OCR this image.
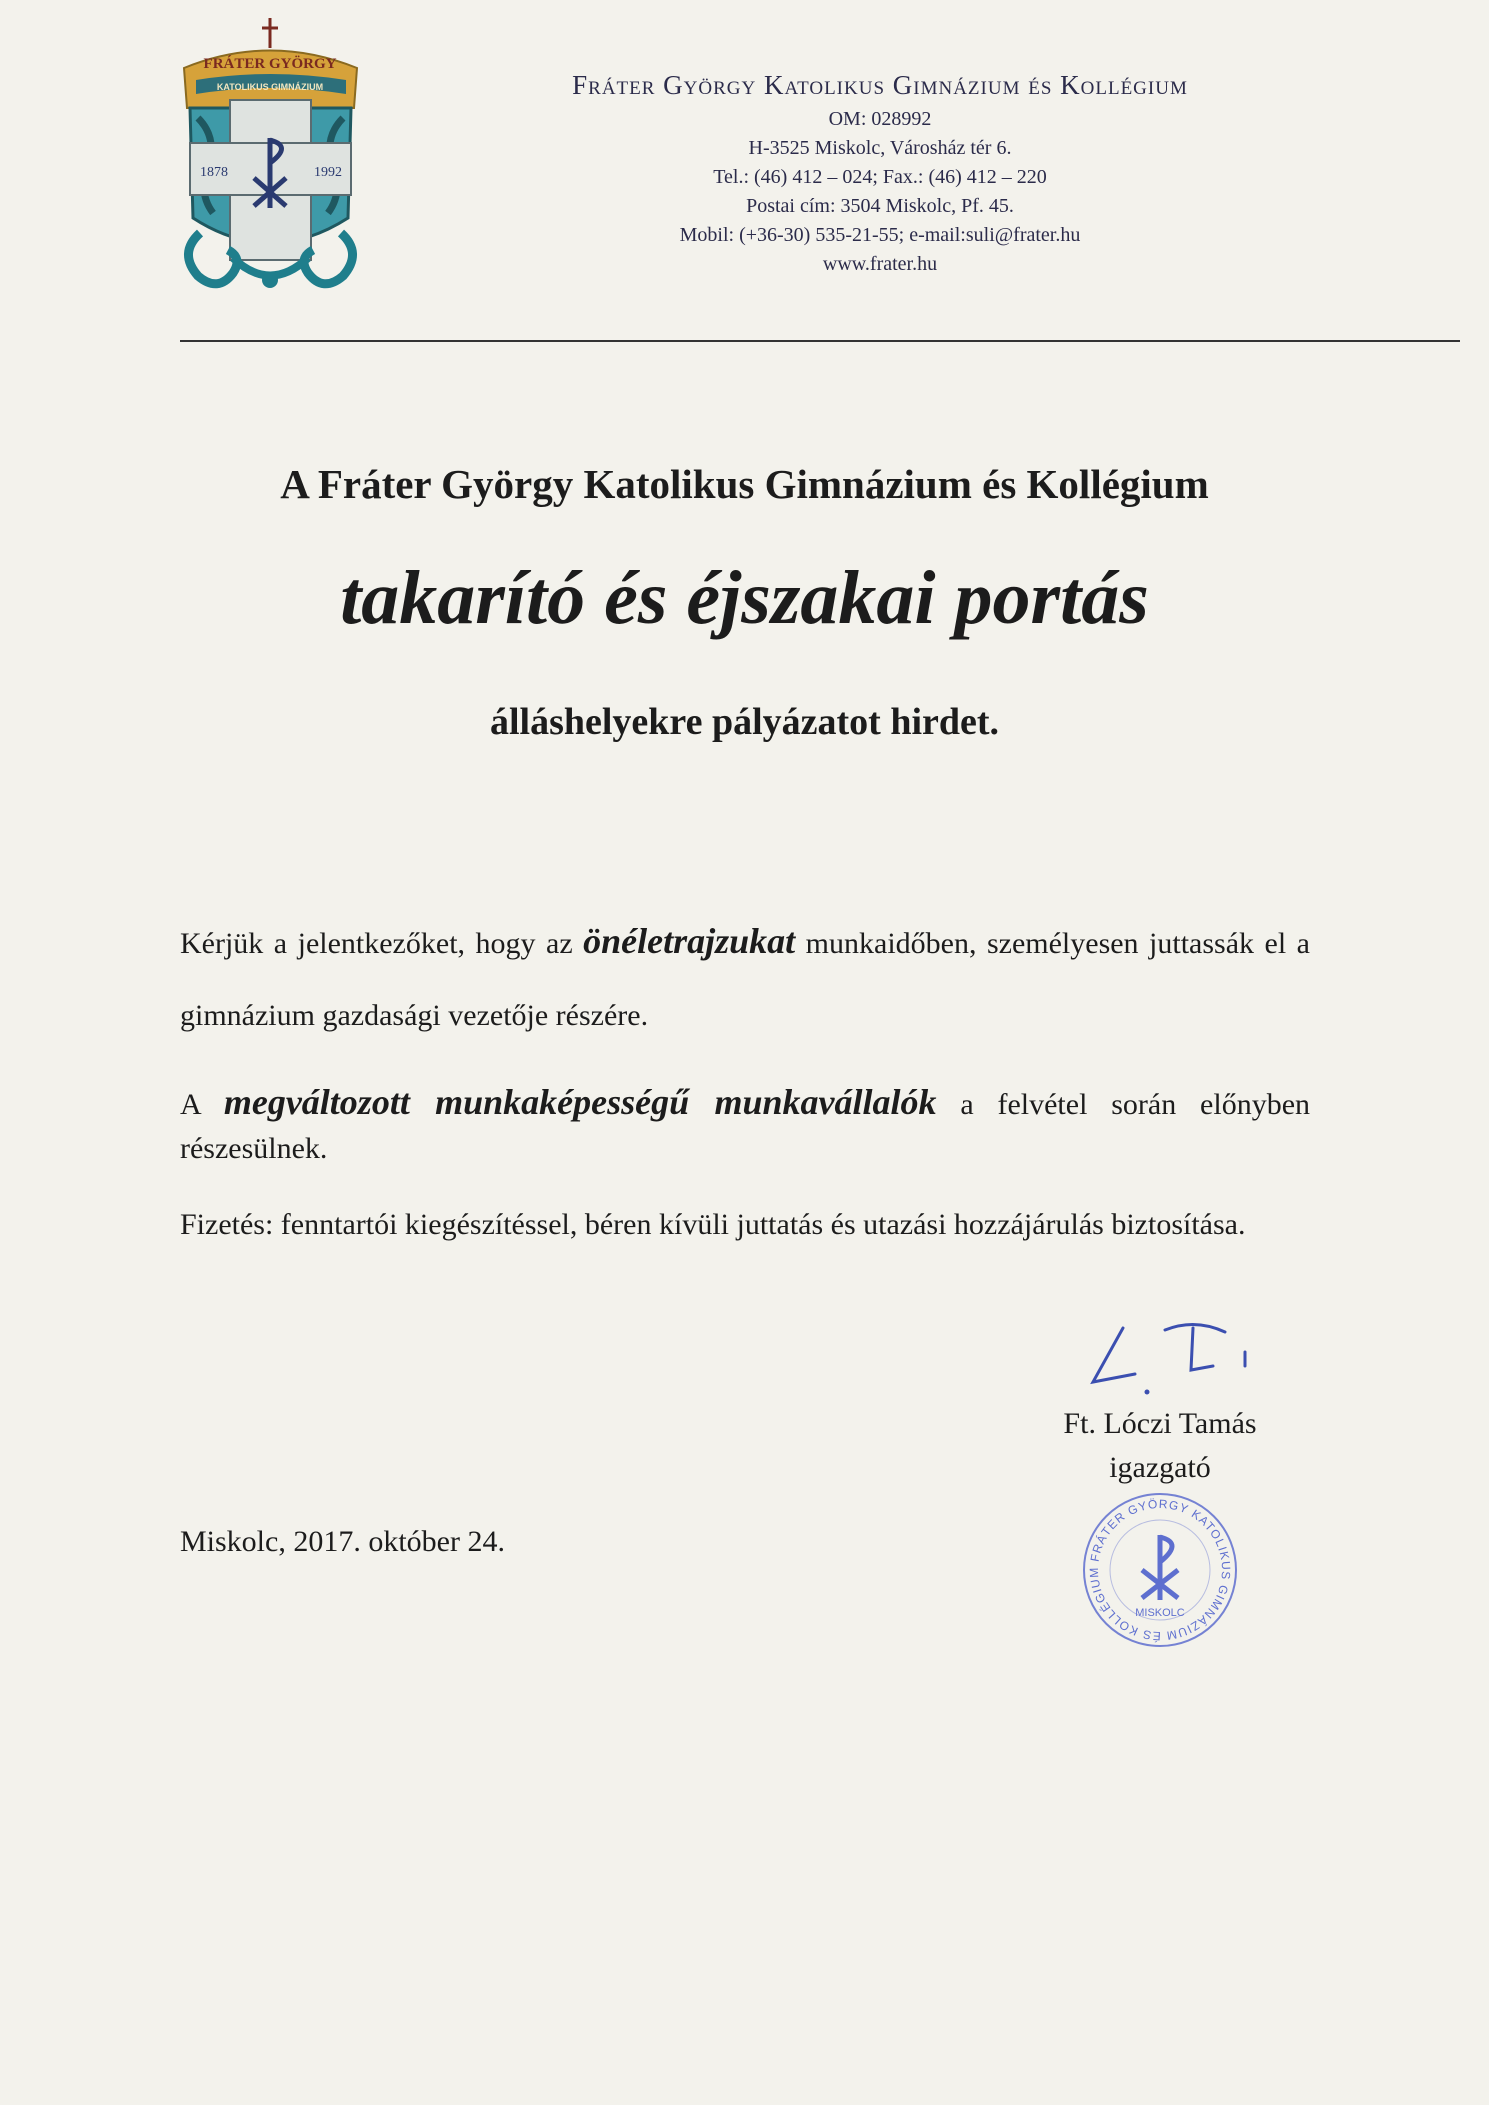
FRÁTER GYÖRGY
KATOLIKUS GIMNÁZIUM
1878	1992
Fráter György Katolikus Gimnázium és Kollégium
OM: 028992
H-3525 Miskolc, Városház tér 6.
Tel.: (46) 412 – 024; Fax.: (46) 412 – 220
Postai cím: 3504 Miskolc, Pf. 45.
Mobil: (+36-30) 535-21-55; e-mail:suli@frater.hu
www.frater.hu
A Fráter György Katolikus Gimnázium és Kollégium
takarító és éjszakai portás
álláshelyekre pályázatot hirdet.
Kérjük a jelentkezőket, hogy az önéletrajzukat munkaidőben, személyesen juttassák el a gimnázium gazdasági vezetője részére.
A megváltozott munkaképességű munkavállalók a felvétel során előnyben részesülnek.
Fizetés: fenntartói kiegészítéssel, béren kívüli juttatás és utazási hozzájárulás biztosítása.
Ft. Lóczi Tamás
igazgató
Miskolc, 2017. október 24.	FRÁTER GYÖRGY KATOLIKUS GIMNÁZIUM ÉS KOLLÉGIUM
MISKOLC
